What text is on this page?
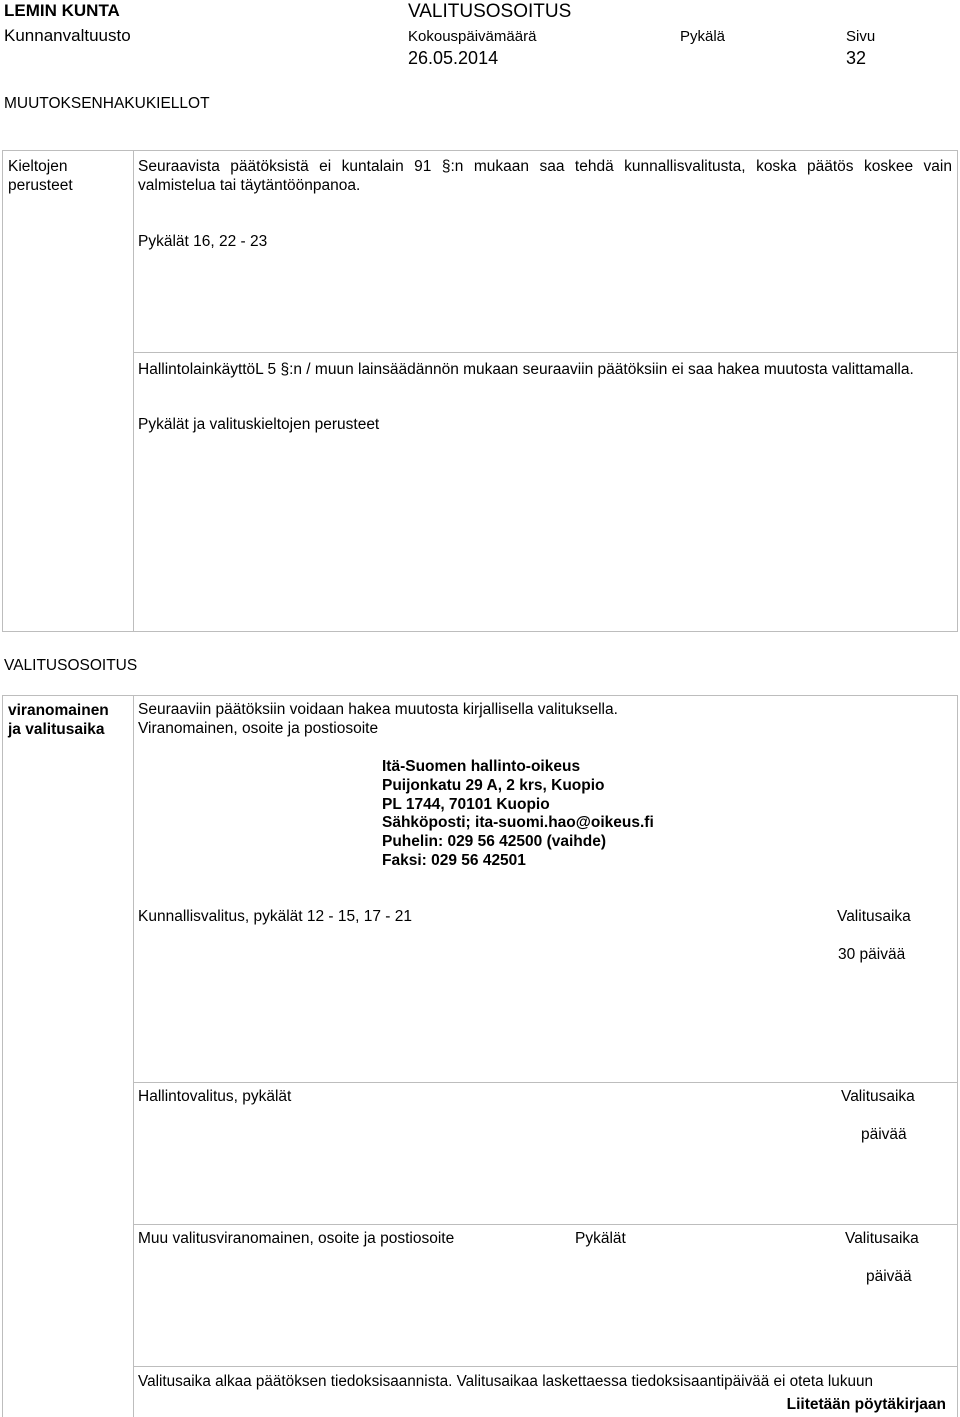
LEMIN KUNTA
Kunnanvaltuusto
VALITUSOSOITUS
Kokouspäivämäärä
26.05.2014
Pykälä	Sivu
32
MUUTOKSENHAKUKIELLOT
Kieltojen
perusteet
Seuraavista päätöksistä ei kuntalain 91 §:n mukaan saa tehdä kunnallisvalitusta, koska päätös koskee vain valmistelua tai täytäntöönpanoa.
Pykälät 16, 22 - 23
HallintolainkäyttöL 5 §:n / muun lainsäädännön mukaan seuraaviin päätöksiin ei saa hakea muutosta valittamalla.
Pykälät ja valituskieltojen perusteet
VALITUSOSOITUS
viranomainen
ja valitusaika
Seuraaviin päätöksiin voidaan hakea muutosta kirjallisella valituksella.
Viranomainen, osoite ja postiosoite
Itä-Suomen hallinto-oikeus
Puijonkatu 29 A, 2 krs, Kuopio
PL 1744, 70101 Kuopio
Sähköposti; ita-suomi.hao@oikeus.fi
Puhelin: 029 56 42500 (vaihde)
Faksi: 029 56 42501
Kunnallisvalitus, pykälät 12 - 15, 17 - 21	Valitusaika
30 päivää
Hallintovalitus, pykälät	Valitusaika
päivää
Muu valitusviranomainen, osoite ja postiosoite	Pykälät	Valitusaika
päivää
Valitusaika alkaa päätöksen tiedoksisaannista. Valitusaikaa laskettaessa tiedoksisaantipäivää ei oteta lukuun
Liitetään pöytäkirjaan
